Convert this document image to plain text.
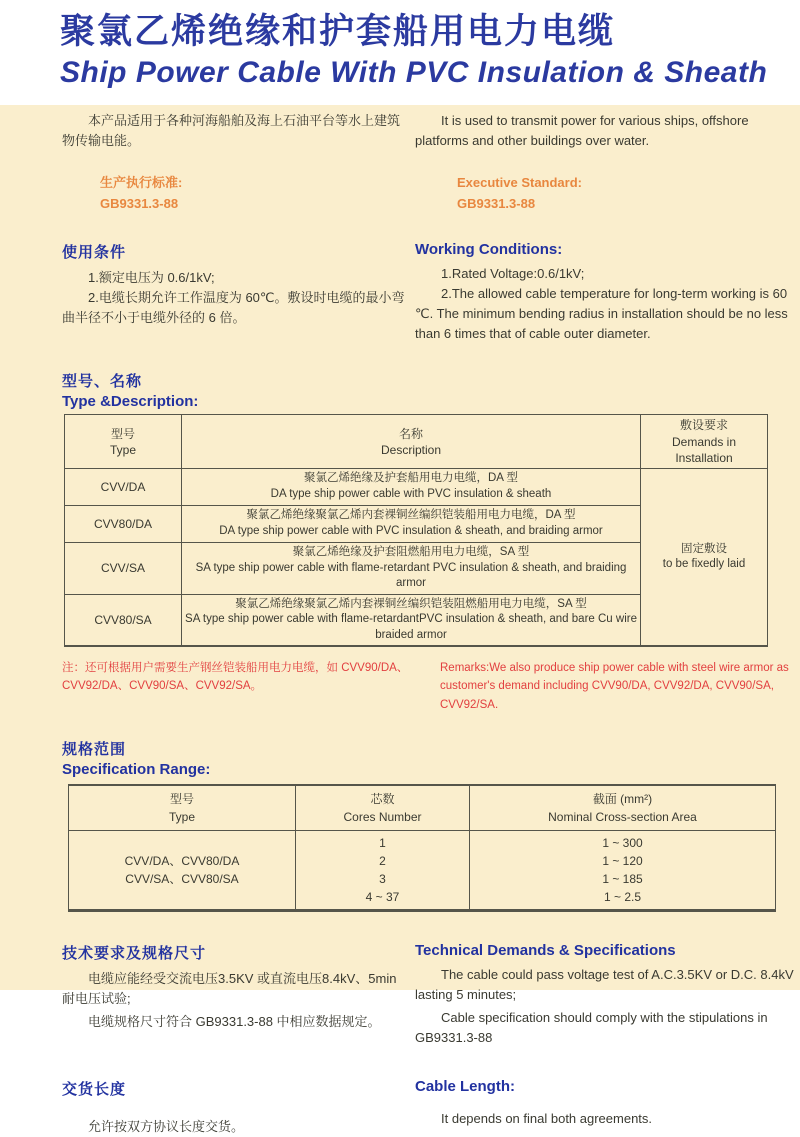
聚氯乙烯绝缘和护套船用电力电缆
Ship Power Cable With PVC Insulation & Sheath

本产品适用于各种河海船舶及海上石油平台等水上建筑物传输电能。

生产执行标准:
GB9331.3-88

It is used to transmit power for various ships, offshore platforms and other buildings over water.

Executive Standard:
GB9331.3-88
使用条件

1.额定电压为 0.6/1kV;

2.电缆长期允许工作温度为 60℃。敷设时电缆的最小弯曲半径不小于电缆外径的 6 倍。

Working Conditions:

1.Rated Voltage:0.6/1kV;

2.The allowed cable temperature for long-term working is 60 ℃. The minimum bending radius in installation should be no less than 6 times that of cable outer diameter.

型号、名称
Type &Description:
型号
Type	名称
Description	敷设要求
Demands in
Installation

CVV/DA	聚氯乙烯绝缘及护套船用电力电缆，DA 型
DA type ship power cable with PVC insulation & sheath	固定敷设
to be fixedly laid

CVV80/DA	聚氯乙烯绝缘聚氯乙烯内套裸铜丝编织铠装船用电力电缆，DA 型
DA type ship power cable with PVC insulation & sheath, and braiding armor	

CVV/SA	聚氯乙烯绝缘及护套阻燃船用电力电缆，SA 型
SA type ship power cable with flame-retardant PVC insulation & sheath, and braiding armor	

CVV80/SA	聚氯乙烯绝缘聚氯乙烯内套裸铜丝编织铠装阻燃船用电力电缆，SA 型
SA type ship power cable with flame-retardantPVC insulation & sheath, and bare Cu wire braided armor	

注：还可根据用户需要生产钢丝铠装船用电力电缆，如 CVV90/DA、CVV92/DA、CVV90/SA、CVV92/SA。

Remarks:We also produce ship power cable with steel wire armor as customer's demand including CVV90/DA, CVV92/DA, CVV90/SA, CVV92/SA.

规格范围
Specification Range:
型号
Type	芯数
Cores Number	截面 (mm²)
Nominal Cross-section Area

CVV/DA、CVV80/DA
CVV/SA、CVV80/SA	1
2
3
4 ~ 37	1 ~ 300
1 ~ 120
1 ~ 185
1 ~ 2.5
技术要求及规格尺寸

电缆应能经受交流电压3.5KV 或直流电压8.4kV、5min 耐电压试验;

电缆规格尺寸符合 GB9331.3-88 中相应数据规定。

Technical Demands & Specifications

The cable could pass voltage test of A.C.3.5KV or D.C. 8.4kV lasting 5 minutes;

Cable specification should comply with the stipulations in GB9331.3-88

交货长度

允许按双方协议长度交货。

Cable Length:

It depends on final both agreements.
